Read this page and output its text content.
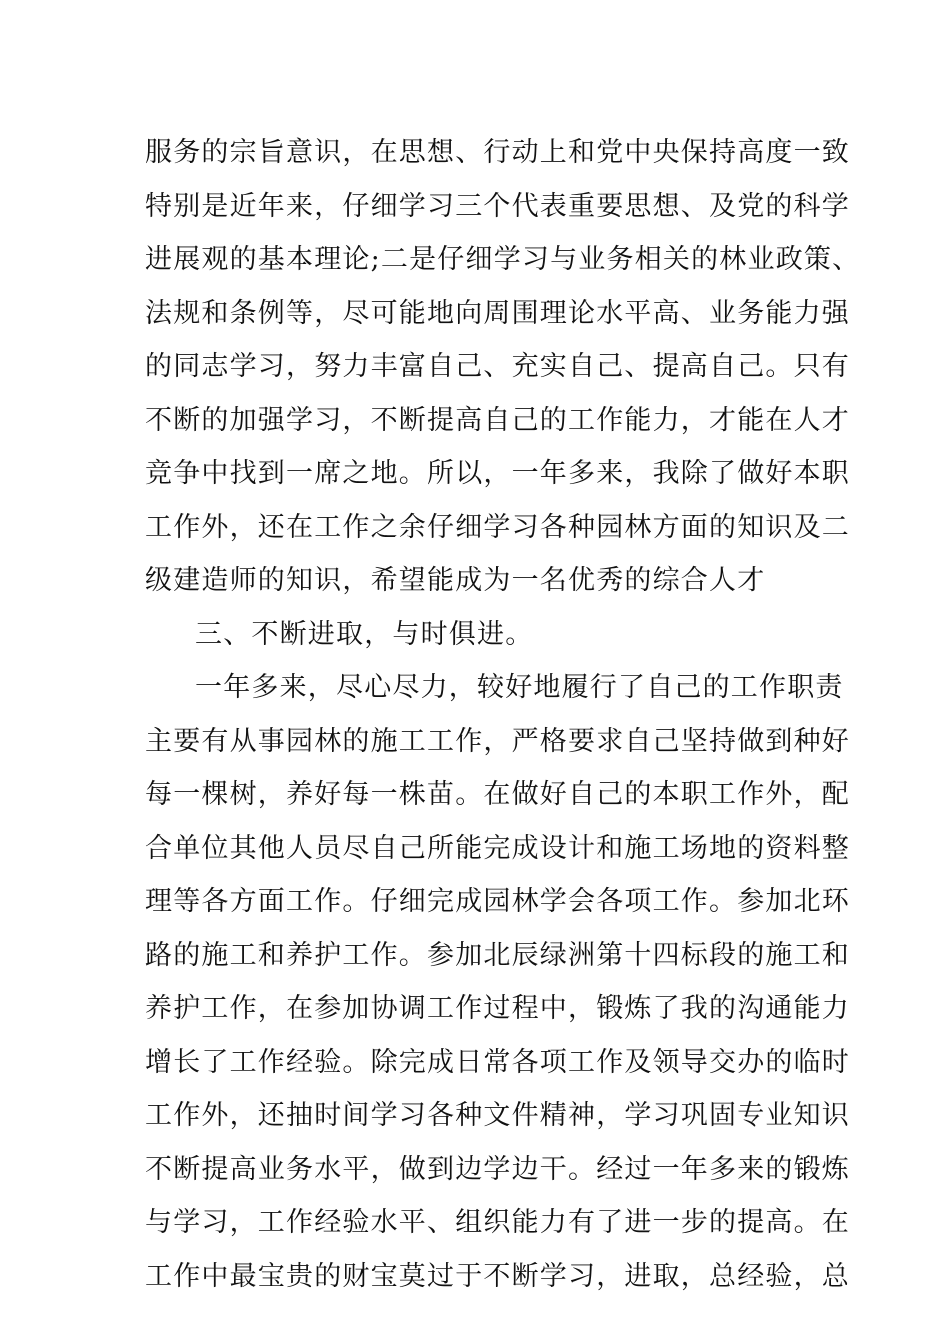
服务的宗旨意识，在思想、行动上和党中央保持高度一致
特别是近年来，仔细学习三个代表重要思想、及党的科学
进展观的基本理论;二是仔细学习与业务相关的林业政策、
法规和条例等，尽可能地向周围理论水平高、业务能力强
的同志学习，努力丰富自己、充实自己、提高自己。只有
不断的加强学习，不断提高自己的工作能力，才能在人才
竞争中找到一席之地。所以，一年多来，我除了做好本职
工作外，还在工作之余仔细学习各种园林方面的知识及二
级建造师的知识，希望能成为一名优秀的综合人才
三、不断进取，与时俱进。
一年多来，尽心尽力，较好地履行了自己的工作职责
主要有从事园林的施工工作，严格要求自己坚持做到种好
每一棵树，养好每一株苗。在做好自己的本职工作外，配
合单位其他人员尽自己所能完成设计和施工场地的资料整
理等各方面工作。仔细完成园林学会各项工作。参加北环
路的施工和养护工作。参加北辰绿洲第十四标段的施工和
养护工作，在参加协调工作过程中，锻炼了我的沟通能力
增长了工作经验。除完成日常各项工作及领导交办的临时
工作外，还抽时间学习各种文件精神，学习巩固专业知识
不断提高业务水平，做到边学边干。经过一年多来的锻炼
与学习，工作经验水平、组织能力有了进一步的提高。在
工作中最宝贵的财宝莫过于不断学习，进取，总经验，总
